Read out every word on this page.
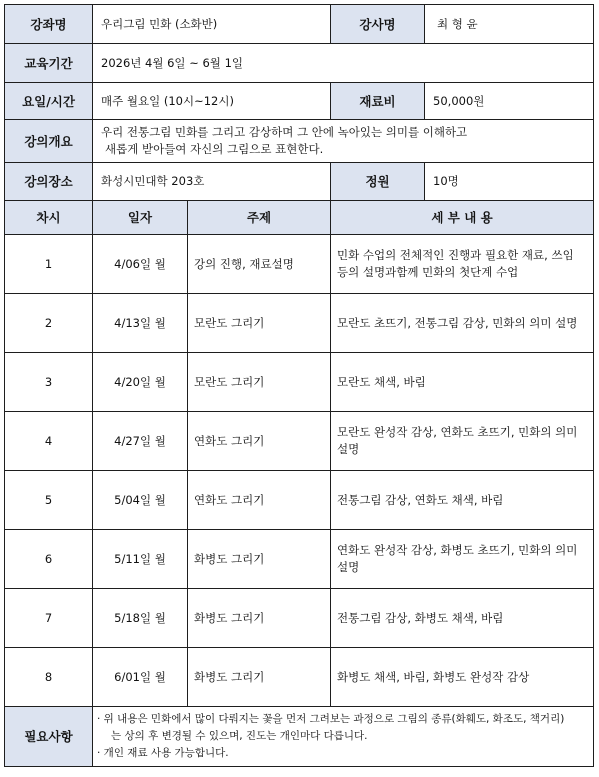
강좌명	우리그림 민화 (소화반)		강사명	최 형 윤
교육기간	2026년 4월 6일 ~ 6월 1일			
요일/시간	매주 월요일 (10시~12시)		재료비	50,000원
강의개요	우리 전통그림 민화를 그리고 감상하며 그 안에 녹아있는 의미를 이해하고
새롭게 받아들여 자신의 그림으로 표현한다.			

강의장소	화성시민대학 203호		정원	10명
차시	일자	주제	세 부 내 용	
1	4/06일 월	강의 진행, 재료설명	민화 수업의 전체적인 진행과 필요한 재료, 쓰임 등의 설명과함께 민화의 첫단계 수업	
2	4/13일 월	모란도 그리기	모란도 초뜨기, 전통그림 감상, 민화의 의미 설명	
3	4/20일 월	모란도 그리기	모란도 채색, 바림	
4	4/27일 월	연화도 그리기	모란도 완성작 감상, 연화도 초뜨기, 민화의 의미 설명	
5	5/04일 월	연화도 그리기	전통그림 감상, 연화도 채색, 바림	
6	5/11일 월	화병도 그리기	연화도 완성작 감상, 화병도 초뜨기, 민화의 의미 설명	
7	5/18일 월	화병도 그리기	전통그림 감상, 화병도 채색, 바림	
8	6/01일 월	화병도 그리기	화병도 채색, 바림, 화병도 완성작 감상	
필요사항	· 위 내용은 민화에서 많이 다뤄지는 꽃을 먼저 그려보는 과정으로 그림의 종류(화훼도, 화조도, 책거리)
는 상의 후 변경될 수 있으며, 진도는 개인마다 다릅니다.
· 개인 재료 사용 가능합니다.			
